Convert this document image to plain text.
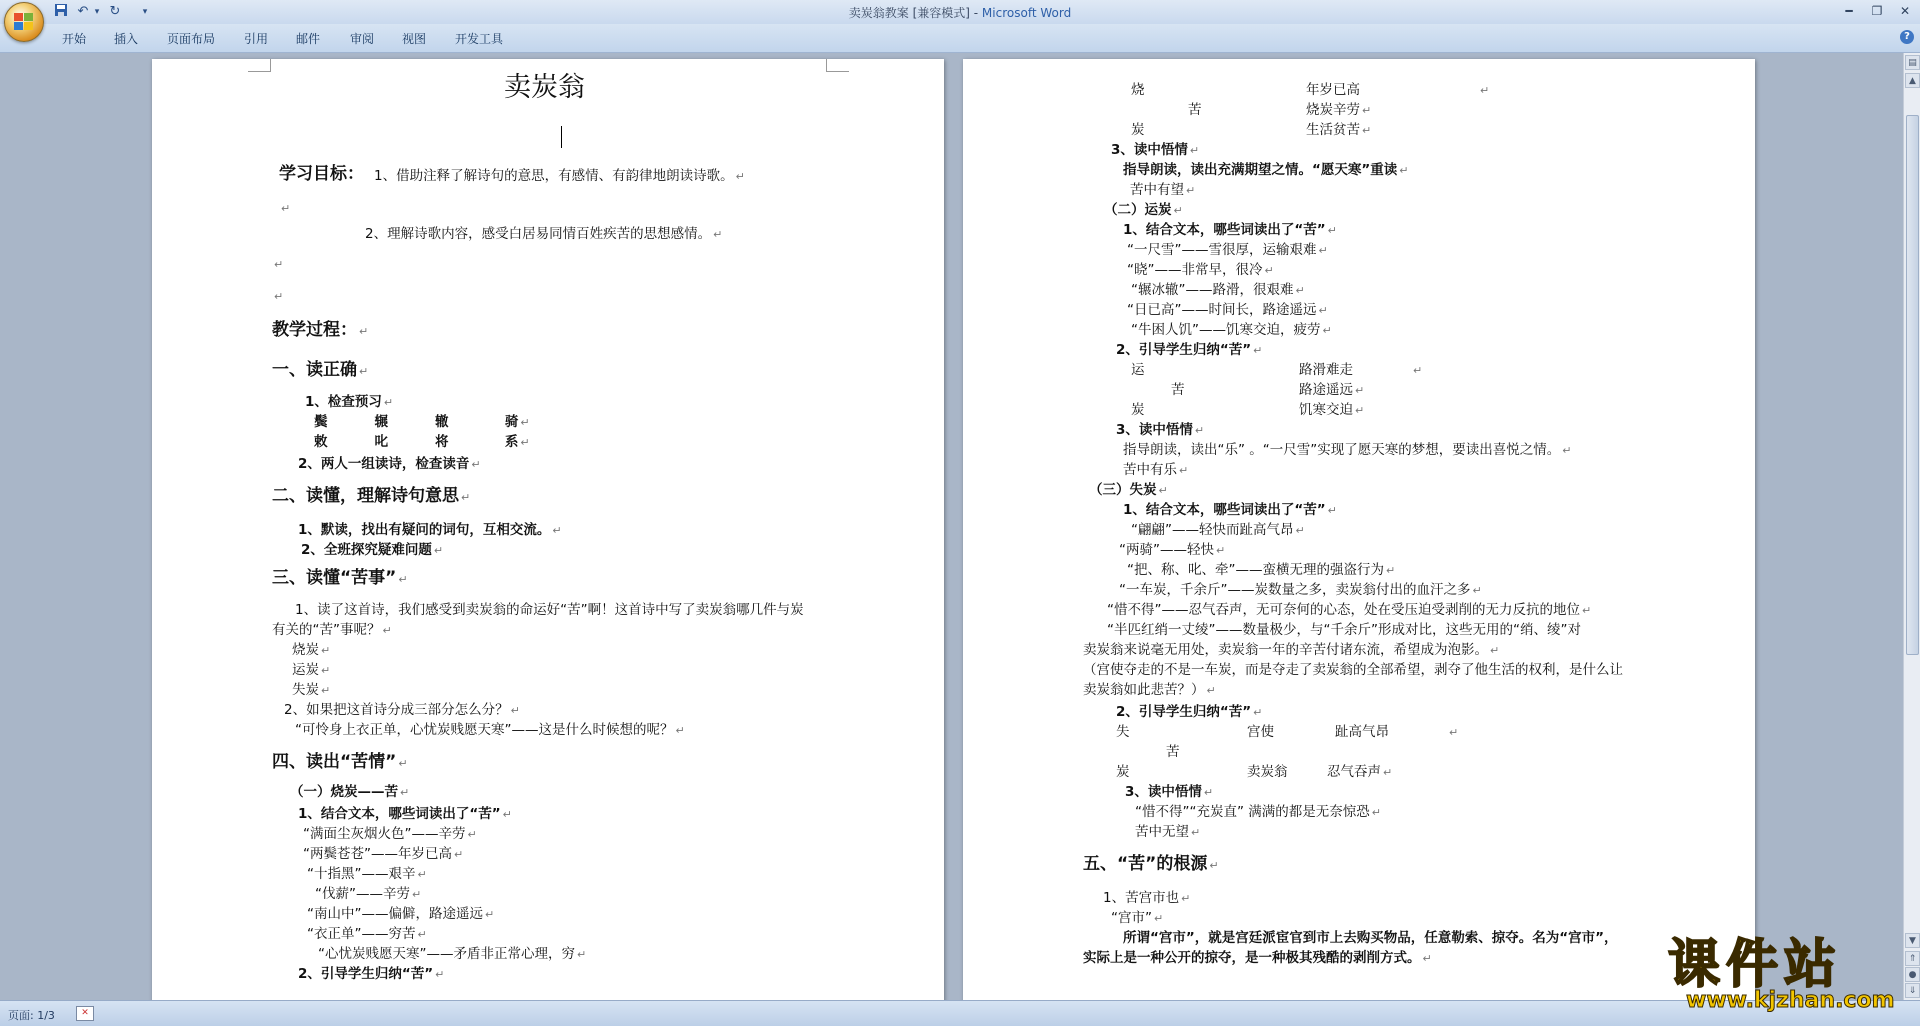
↶ ▾ ↻	▾	卖炭翁教案 [兼容模式] - Microsoft Word	━	❐	✕
开始 插入 页面布局 引用 邮件 审阅 视图 开发工具	?
卖炭翁
学习目标： 1、借助注释了解诗句的意思，有感情、有韵律地朗读诗歌。 ↵
↵
2、理解诗歌内容，感受白居易同情百姓疾苦的思想感情。 ↵
↵
↵
教学过程： ↵
一、读正确 ↵
1、检查预习 ↵
鬓          辗          辙            骑 ↵
敕          叱          将            系 ↵
2、两人一组读诗，检查读音 ↵
二、读懂，理解诗句意思 ↵
1、默读，找出有疑问的词句，互相交流。 ↵
2、全班探究疑难问题 ↵
三、读懂“苦事” ↵
1、读了这首诗，我们感受到卖炭翁的命运好“苦”啊！这首诗中写了卖炭翁哪几件与炭
有关的“苦”事呢？ ↵
烧炭 ↵
运炭 ↵
失炭 ↵
2、如果把这首诗分成三部分怎么分？ ↵
“可怜身上衣正单，心忧炭贱愿天寒”——这是什么时候想的呢？ ↵
四、读出“苦情” ↵
（一）烧炭——苦 ↵
1、结合文本，哪些词读出了“苦” ↵
“满面尘灰烟火色”——辛劳 ↵
“两鬓苍苍”——年岁已高 ↵
“十指黑”——艰辛 ↵
“伐薪”——辛劳 ↵
“南山中”——偏僻，路途遥远 ↵
“衣正单”——穷苦 ↵
“心忧炭贱愿天寒”——矛盾非正常心理，穷 ↵
2、引导学生归纳“苦” ↵
烧	年岁已高	↵
苦	烧炭辛劳 ↵
炭	生活贫苦 ↵
3、读中悟情 ↵
指导朗读，读出充满期望之情。“愿天寒”重读 ↵
苦中有望 ↵
（二）运炭 ↵
1、结合文本，哪些词读出了“苦” ↵
“一尺雪”——雪很厚，运输艰难 ↵
“晓”——非常早，很冷 ↵
“辗冰辙”——路滑，很艰难 ↵
“日已高”——时间长，路途遥远 ↵
“牛困人饥”——饥寒交迫，疲劳 ↵
2、引导学生归纳“苦” ↵
运	路滑难走	↵
苦	路途遥远 ↵
炭	饥寒交迫 ↵
3、读中悟情 ↵
指导朗读，读出“乐” 。“一尺雪”实现了愿天寒的梦想，要读出喜悦之情。 ↵
苦中有乐 ↵
（三）失炭 ↵
1、结合文本，哪些词读出了“苦” ↵
“翩翩”——轻快而趾高气昂 ↵
“两骑”——轻快 ↵
“把、称、叱、牵”——蛮横无理的强盗行为 ↵
“一车炭，千余斤”——炭数量之多，卖炭翁付出的血汗之多 ↵
“惜不得”——忍气吞声，无可奈何的心态，处在受压迫受剥削的无力反抗的地位 ↵
“半匹红绡一丈绫”——数量极少，与“千余斤”形成对比，这些无用的“绡、绫”对
卖炭翁来说毫无用处，卖炭翁一年的辛苦付诸东流，希望成为泡影。 ↵
（宫使夺走的不是一车炭，而是夺走了卖炭翁的全部希望，剥夺了他生活的权利，是什么让
卖炭翁如此悲苦？） ↵
2、引导学生归纳“苦” ↵
失	宫使	趾高气昂	↵
苦
炭	卖炭翁	忍气吞声 ↵
3、读中悟情 ↵
“惜不得”“充炭直” 满满的都是无奈惊恐 ↵
苦中无望 ↵
五、“苦”的根源 ↵
1、苦宫市也 ↵
“宫市” ↵
所谓“宫市”，就是宫廷派宦官到市上去购买物品，任意勒索、掠夺。名为“宫市”，
实际上是一种公开的掠夺，是一种极其残酷的剥削方式。 ↵
▤
▲
▼
⇑
●
⇓
页面: 1/3	✕
课件站
www.kjzhan.com
